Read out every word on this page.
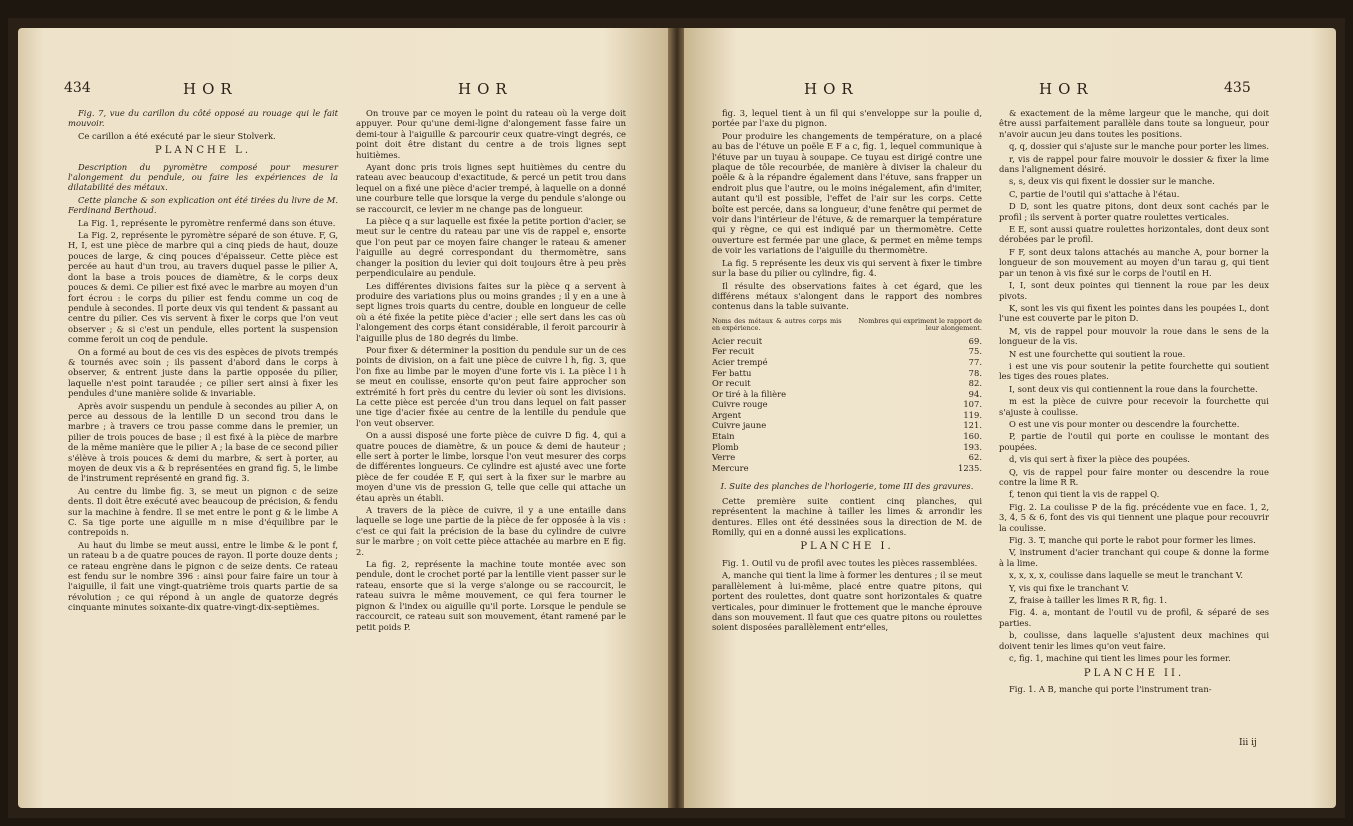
434	HOR	HOR

Fig. 7, vue du carillon du côté opposé au rouage qui le fait mouvoir.

Ce carillon a été exécuté par le sieur Stolverk.

PLANCHE L.

Description du pyromètre composé pour mesurer l'alongement du pendule, ou faire les expériences de la dilatabilité des métaux.

Cette planche & son explication ont été tirées du livre de M. Ferdinand Berthoud.

La Fig. 1, représente le pyromètre renfermé dans son étuve.

La Fig. 2, représente le pyromètre séparé de son étuve. F, G, H, I, est une pièce de marbre qui a cinq pieds de haut, douze pouces de large, & cinq pouces d'épaisseur. Cette pièce est percée au haut d'un trou, au travers duquel passe le pilier A, dont la base a trois pouces de diamètre, & le corps deux pouces & demi. Ce pilier est fixé avec le marbre au moyen d'un fort écrou : le corps du pilier est fendu comme un coq de pendule à secondes. Il porte deux vis qui tendent & passant au centre du pilier. Ces vis servent à fixer le corps que l'on veut observer ; & si c'est un pendule, elles portent la suspension comme feroit un coq de pendule.

On a formé au bout de ces vis des espèces de pivots trempés & tournés avec soin ; ils passent d'abord dans le corps à observer, & entrent juste dans la partie opposée du pilier, laquelle n'est point taraudée ; ce pilier sert ainsi à fixer les pendules d'une manière solide & invariable.

Après avoir suspendu un pendule à secondes au pilier A, on perce au dessous de la lentille D un second trou dans le marbre ; à travers ce trou passe comme dans le premier, un pilier de trois pouces de base ; il est fixé à la pièce de marbre de la même manière que le pilier A ; la base de ce second pilier s'élève à trois pouces & demi du marbre, & sert à porter, au moyen de deux vis a & b représentées en grand fig. 5, le limbe de l'instrument représenté en grand fig. 3.

Au centre du limbe fig. 3, se meut un pignon c de seize dents. Il doit être exécuté avec beaucoup de précision, & fendu sur la machine à fendre. Il se met entre le pont g & le limbe A C. Sa tige porte une aiguille m n mise d'équilibre par le contrepoids n.

Au haut du limbe se meut aussi, entre le limbe & le pont f, un rateau b a de quatre pouces de rayon. Il porte douze dents ; ce rateau engrène dans le pignon c de seize dents. Ce rateau est fendu sur le nombre 396 : ainsi pour faire faire un tour à l'aiguille, il fait une vingt-quatrième trois quarts partie de sa révolution ; ce qui répond à un angle de quatorze degrés cinquante minutes soixante-dix quatre-vingt-dix-septièmes.

On trouve par ce moyen le point du rateau où la verge doit appuyer. Pour qu'une demi-ligne d'alongement fasse faire un demi-tour à l'aiguille & parcourir ceux quatre-vingt degrés, ce point doit être distant du centre a de trois lignes sept huitièmes.

Ayant donc pris trois lignes sept huitièmes du centre du rateau avec beaucoup d'exactitude, & percé un petit trou dans lequel on a fixé une pièce d'acier trempé, à laquelle on a donné une courbure telle que lorsque la verge du pendule s'alonge ou se raccourcit, ce levier m ne change pas de longueur.

La pièce q a sur laquelle est fixée la petite portion d'acier, se meut sur le centre du rateau par une vis de rappel e, ensorte que l'on peut par ce moyen faire changer le rateau & amener l'aiguille au degré correspondant du thermomètre, sans changer la position du levier qui doit toujours être à peu près perpendiculaire au pendule.

Les différentes divisions faites sur la pièce q a servent à produire des variations plus ou moins grandes ; il y en a une à sept lignes trois quarts du centre, double en longueur de celle où a été fixée la petite pièce d'acier ; elle sert dans les cas où l'alongement des corps étant considérable, il feroit parcourir à l'aiguille plus de 180 degrés du limbe.

Pour fixer & déterminer la position du pendule sur un de ces points de division, on a fait une pièce de cuivre l h, fig. 3, que l'on fixe au limbe par le moyen d'une forte vis i. La pièce l i h se meut en coulisse, ensorte qu'on peut faire approcher son extrémité h fort près du centre du levier où sont les divisions. La cette pièce est percée d'un trou dans lequel on fait passer une tige d'acier fixée au centre de la lentille du pendule que l'on veut observer.

On a aussi disposé une forte pièce de cuivre D fig. 4, qui a quatre pouces de diamètre, & un pouce & demi de hauteur ; elle sert à porter le limbe, lorsque l'on veut mesurer des corps de différentes longueurs. Ce cylindre est ajusté avec une forte pièce de fer coudée E F, qui sert à la fixer sur le marbre au moyen d'une vis de pression G, telle que celle qui attache un étau après un établi.

A travers de la pièce de cuivre, il y a une entaille dans laquelle se loge une partie de la pièce de fer opposée à la vis : c'est ce qui fait la précision de la base du cylindre de cuivre sur le marbre ; on voit cette pièce attachée au marbre en E fig. 2.

La fig. 2, représente la machine toute montée avec son pendule, dont le crochet porté par la lentille vient passer sur le rateau, ensorte que si la verge s'alonge ou se raccourcit, le rateau suivra le même mouvement, ce qui fera tourner le pignon & l'index ou aiguille qu'il porte. Lorsque le pendule se raccourcit, ce rateau suit son mouvement, étant ramené par le petit poids P.

HOR	HOR	435

fig. 3, lequel tient à un fil qui s'enveloppe sur la poulie d, portée par l'axe du pignon.

Pour produire les changements de température, on a placé au bas de l'étuve un poële E F a c, fig. 1, lequel communique à l'étuve par un tuyau à soupape. Ce tuyau est dirigé contre une plaque de tôle recourbée, de manière à diviser la chaleur du poële & à la répandre également dans l'étuve, sans frapper un endroit plus que l'autre, ou le moins inégalement, afin d'imiter, autant qu'il est possible, l'effet de l'air sur les corps. Cette boîte est percée, dans sa longueur, d'une fenêtre qui permet de voir dans l'intérieur de l'étuve, & de remarquer la température qui y règne, ce qui est indiqué par un thermomètre. Cette ouverture est fermée par une glace, & permet en même temps de voir les variations de l'aiguille du thermomètre.

La fig. 5 représente les deux vis qui servent à fixer le timbre sur la base du pilier ou cylindre, fig. 4.

Il résulte des observations faites à cet égard, que les différens métaux s'alongent dans le rapport des nombres contenus dans la table suivante.

Noms des métaux & autres corps mis en expérience.
Nombres qui expriment le rapport de leur alongement.
Acier recuit	69.
Fer recuit	75.
Acier trempé	77.
Fer battu	78.
Or recuit	82.
Or tiré à la filière	94.
Cuivre rouge	107.
Argent	119.
Cuivre jaune	121.
Etain	160.
Plomb	193.
Verre	62.
Mercure	1235.

I. Suite des planches de l'horlogerie, tome III des gravures.

Cette première suite contient cinq planches, qui représentent la machine à tailler les limes & arrondir les dentures. Elles ont été dessinées sous la direction de M. de Romilly, qui en a donné aussi les explications.

PLANCHE I.

Fig. 1. Outil vu de profil avec toutes les pièces rassemblées.

A, manche qui tient la lime à former les dentures ; il se meut parallèlement à lui-même, placé entre quatre pitons, qui portent des roulettes, dont quatre sont horizontales & quatre verticales, pour diminuer le frottement que le manche éprouve dans son mouvement. Il faut que ces quatre pitons ou roulettes soient disposées parallèlement entr'elles,

& exactement de la même largeur que le manche, qui doit être aussi parfaitement parallèle dans toute sa longueur, pour n'avoir aucun jeu dans toutes les positions.

q, q, dossier qui s'ajuste sur le manche pour porter les limes.

r, vis de rappel pour faire mouvoir le dossier & fixer la lime dans l'alignement désiré.

s, s, deux vis qui fixent le dossier sur le manche.

C, partie de l'outil qui s'attache à l'étau.

D D, sont les quatre pitons, dont deux sont cachés par le profil ; ils servent à porter quatre roulettes verticales.

E E, sont aussi quatre roulettes horizontales, dont deux sont dérobées par le profil.

F F, sont deux talons attachés au manche A, pour borner la longueur de son mouvement au moyen d'un tarau g, qui tient par un tenon à vis fixé sur le corps de l'outil en H.

I, I, sont deux pointes qui tiennent la roue par les deux pivots.

K, sont les vis qui fixent les pointes dans les poupées L, dont l'une est couverte par le piton D.

M, vis de rappel pour mouvoir la roue dans le sens de la longueur de la vis.

N est une fourchette qui soutient la roue.

i est une vis pour soutenir la petite fourchette qui soutient les tiges des roues plates.

I, sont deux vis qui contiennent la roue dans la fourchette.

m est la pièce de cuivre pour recevoir la fourchette qui s'ajuste à coulisse.

O est une vis pour monter ou descendre la fourchette.

P, partie de l'outil qui porte en coulisse le montant des poupées.

d, vis qui sert à fixer la pièce des poupées.

Q, vis de rappel pour faire monter ou descendre la roue contre la lime R R.

f, tenon qui tient la vis de rappel Q.

Fig. 2. La coulisse P de la fig. précédente vue en face. 1, 2, 3, 4, 5 & 6, font des vis qui tiennent une plaque pour recouvrir la coulisse.

Fig. 3. T, manche qui porte le rabot pour former les limes.

V, instrument d'acier tranchant qui coupe & donne la forme à la lime.

x, x, x, x, coulisse dans laquelle se meut le tranchant V.

Y, vis qui fixe le tranchant V.

Z, fraise à tailler les limes R R, fig. 1.

Fig. 4. a, montant de l'outil vu de profil, & séparé de ses parties.

b, coulisse, dans laquelle s'ajustent deux machines qui doivent tenir les limes qu'on veut faire.

c, fig. 1, machine qui tient les limes pour les former.

PLANCHE II.

Fig. 1. A B, manche qui porte l'instrument tran-

Iii ij
